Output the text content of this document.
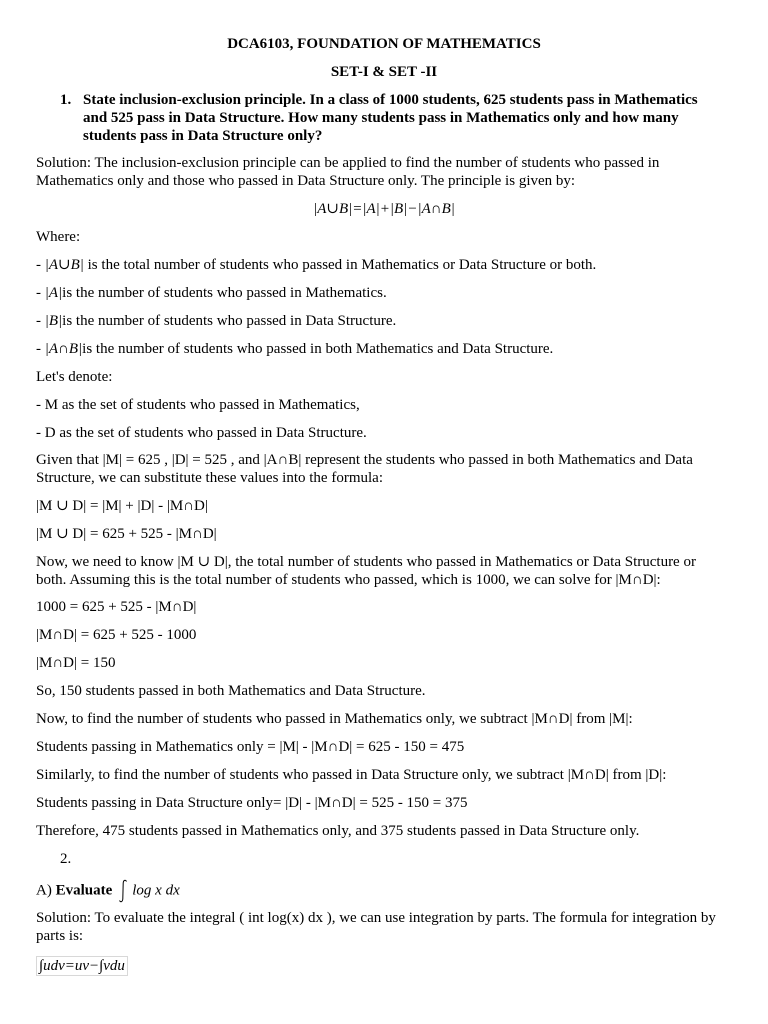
DCA6103, FOUNDATION OF MATHEMATICS
SET-I & SET -II
1. State inclusion-exclusion principle. In a class of 1000 students, 625 students pass in Mathematics and 525 pass in Data Structure. How many students pass in Mathematics only and how many students pass in Data Structure only?
Solution: The inclusion-exclusion principle can be applied to find the number of students who passed in Mathematics only and those who passed in Data Structure only. The principle is given by:
|A∪B|=|A|+|B|−|A∩B|
Where:
- |A∪B| is the total number of students who passed in Mathematics or Data Structure or both.
- |A|is the number of students who passed in Mathematics.
- |B|is the number of students who passed in Data Structure.
- |A∩B|is the number of students who passed in both Mathematics and Data Structure.
Let's denote:
- M as the set of students who passed in Mathematics,
- D as the set of students who passed in Data Structure.
Given that |M| = 625 , |D| = 525 , and |A∩B| represent the students who passed in both Mathematics and Data Structure, we can substitute these values into the formula:
|M ∪ D| = |M| + |D| - |M∩D|
|M ∪ D| = 625 + 525 - |M∩D|
Now, we need to know |M ∪ D|, the total number of students who passed in Mathematics or Data Structure or both. Assuming this is the total number of students who passed, which is 1000, we can solve for |M∩D|:
1000 = 625 + 525 - |M∩D|
|M∩D| = 625 + 525 - 1000
|M∩D| = 150
So, 150 students passed in both Mathematics and Data Structure.
Now, to find the number of students who passed in Mathematics only, we subtract |M∩D| from |M|:
Students passing in Mathematics only = |M| - |M∩D| = 625 - 150 = 475
Similarly, to find the number of students who passed in Data Structure only, we subtract |M∩D| from |D|:
Students passing in Data Structure only= |D| - |M∩D| = 525 - 150 = 375
Therefore, 475 students passed in Mathematics only, and 375 students passed in Data Structure only.
2.
A) Evaluate log x dx
Solution: To evaluate the integral ( int log(x) dx ), we can use integration by parts. The formula for integration by parts is:
∫udv=uv−∫vdu
